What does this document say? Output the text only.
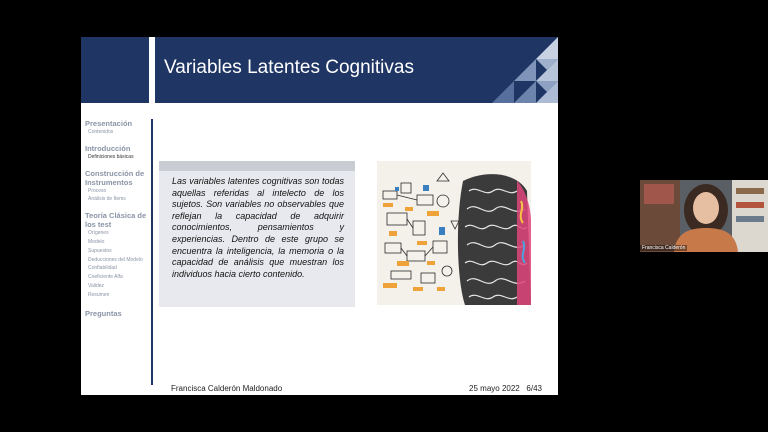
Variables Latentes Cognitivas
Presentación
Contenidos
Introducción
Definiciones básicas
Construcción de Instrumentos
Proceso
Análisis de Ítems
Teoría Clásica de los test
Orígenes
Modelo
Supuestos
Deducciones del Modelo
Confiabilidad
Coeficiente Alfa
Validez
Resumen
Preguntas
Las variables latentes cognitivas son todas aquellas referidas al intelecto de los sujetos. Son variables no observables que reflejan la capacidad de adquirir conocimientos, pensamientos y experiencias. Dentro de este grupo se encuentra la inteligencia, la memoria o la capacidad de análisis que muestran los individuos hacia cierto contenido.
Francisca Calderón Maldonado	25 mayo 2022 6/43
Francisca Calderón
